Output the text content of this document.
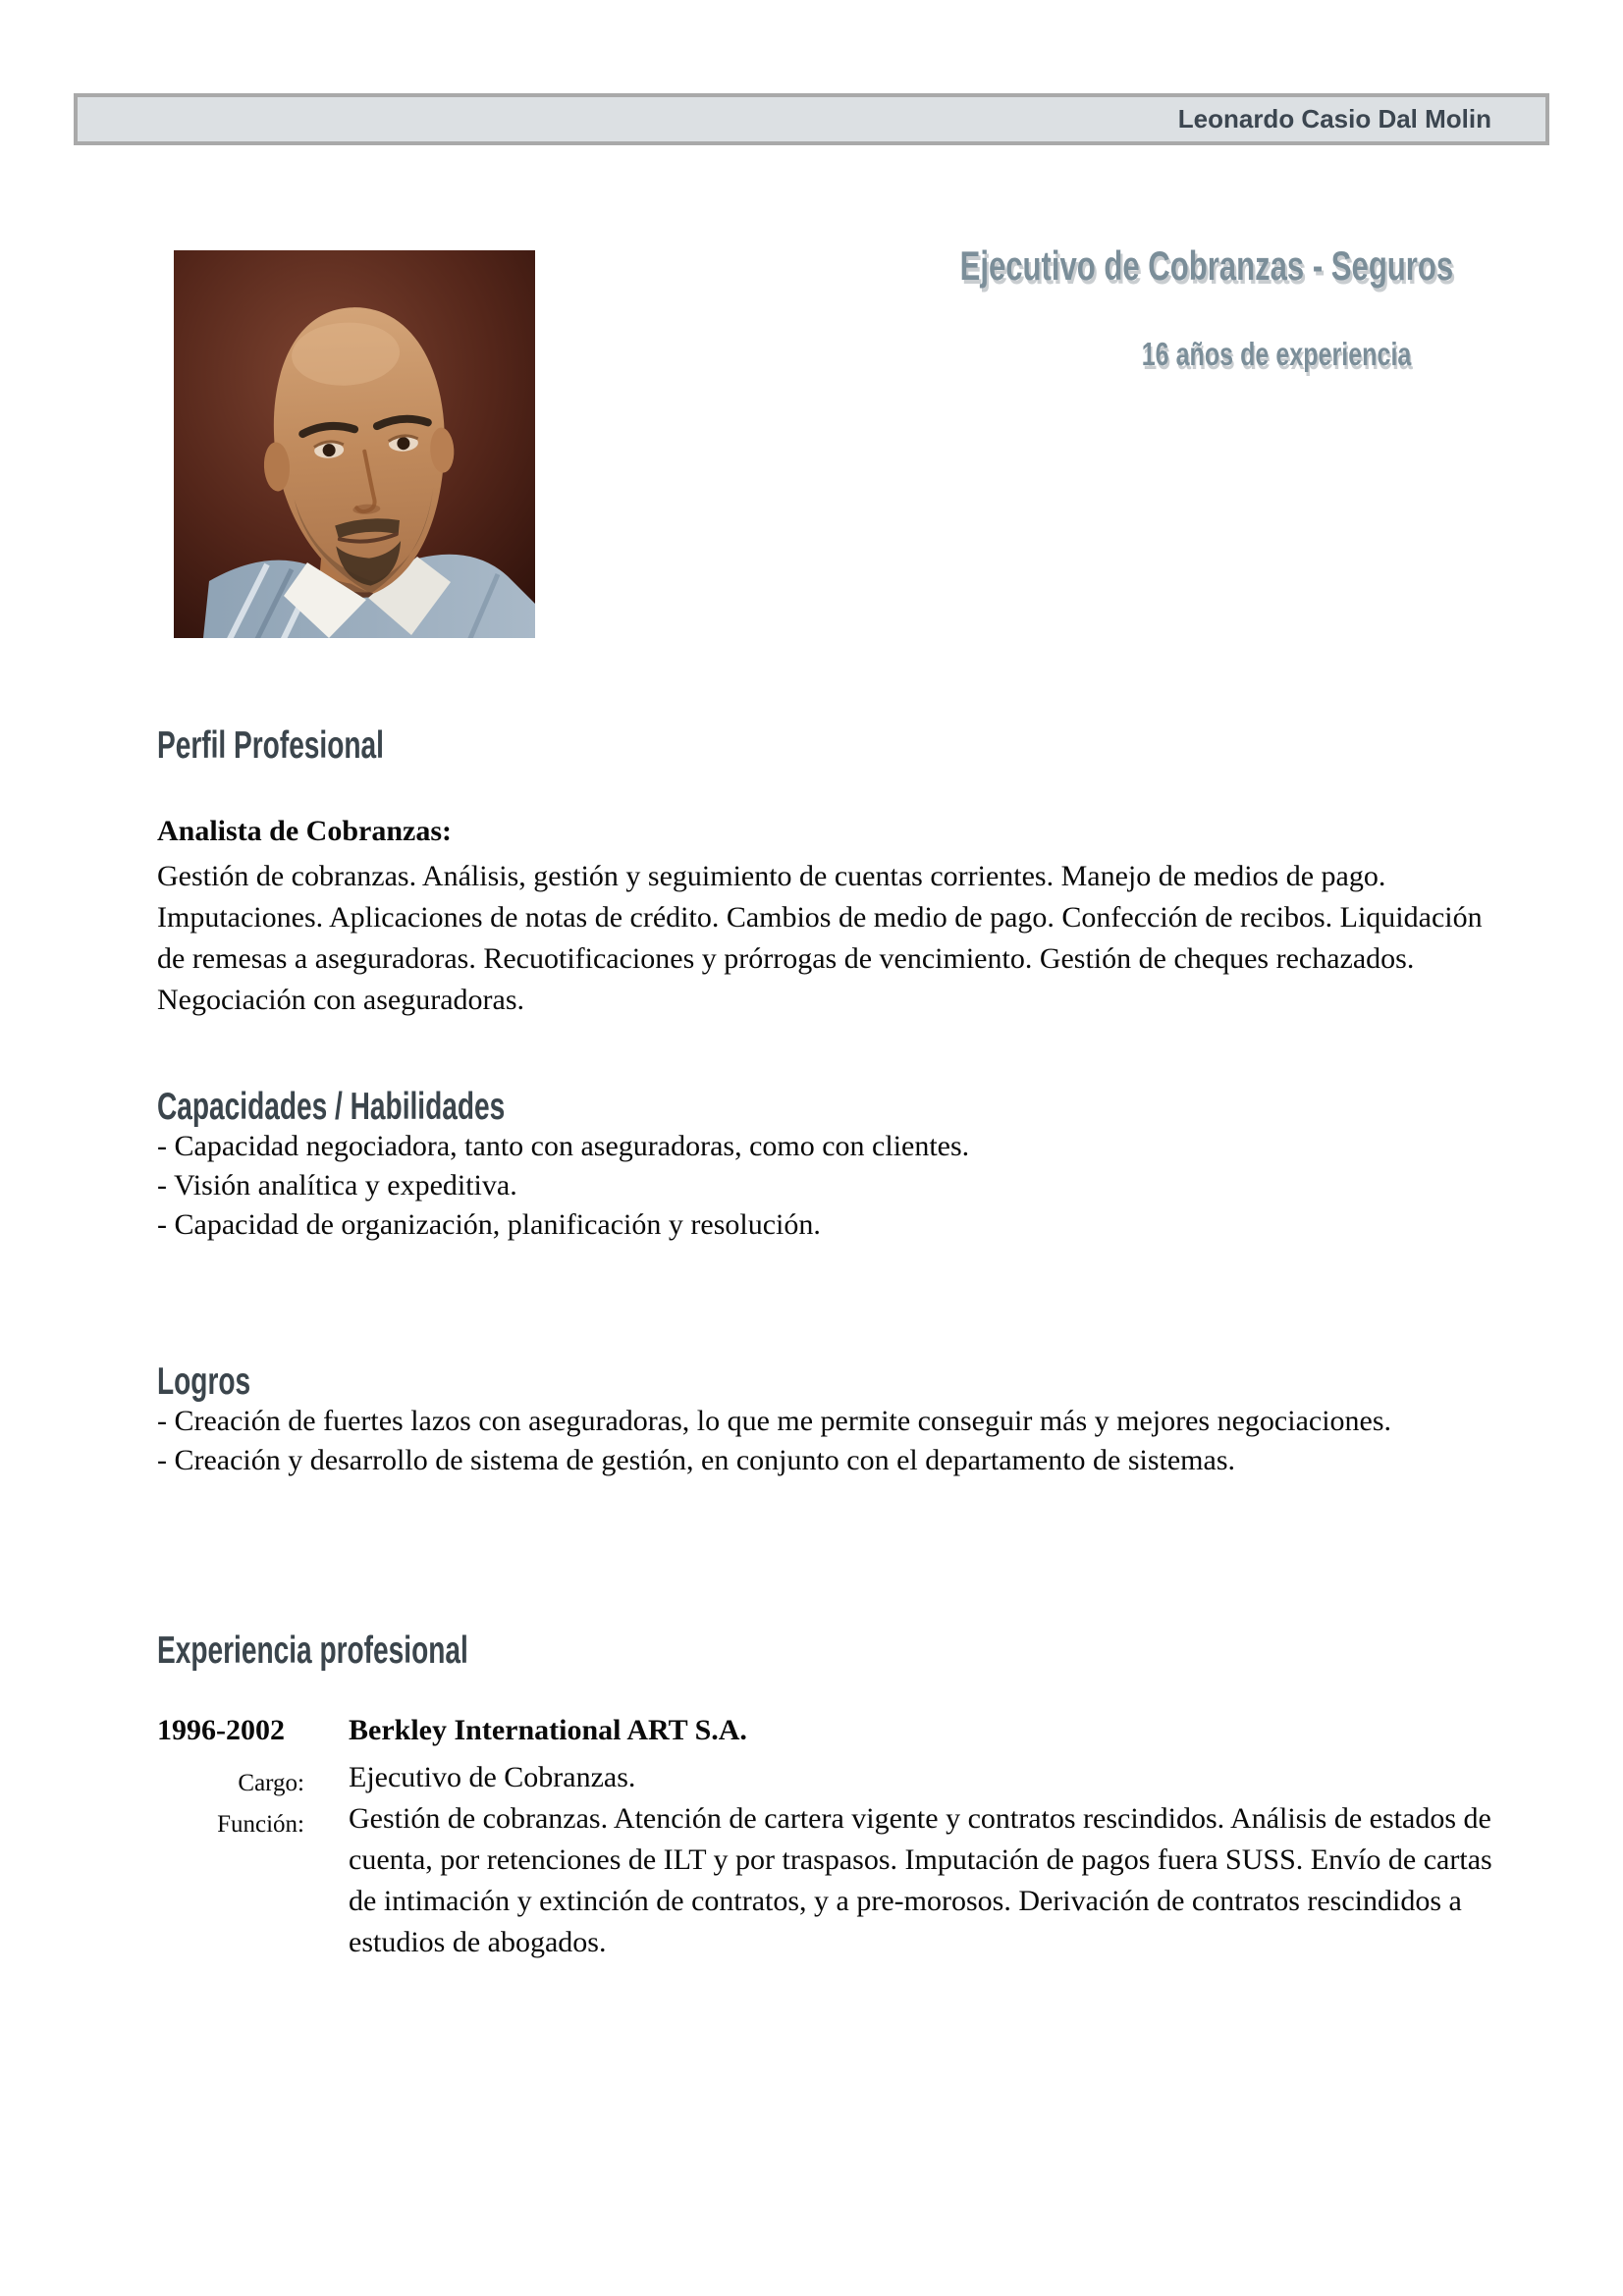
Leonardo Casio Dal Molin
Ejecutivo de Cobranzas - Seguros
16 años de experiencia
Perfil Profesional
Analista de Cobranzas:

Gestión de cobranzas. Análisis, gestión y seguimiento de cuentas corrientes. Manejo de medios de pago. Imputaciones. Aplicaciones de notas de crédito. Cambios de medio de pago. Confección de recibos. Liquidación de remesas a aseguradoras. Recuotificaciones y prórrogas de vencimiento. Gestión de cheques rechazados. Negociación con aseguradoras.

Capacidades / Habilidades
- Capacidad negociadora, tanto con aseguradoras, como con clientes.
- Visión analítica y expeditiva.
- Capacidad de organización, planificación y resolución.
Logros
- Creación de fuertes lazos con aseguradoras, lo que me permite conseguir más y mejores negociaciones.
- Creación y desarrollo de sistema de gestión, en conjunto con el departamento de sistemas.
Experiencia profesional
1996-2002	Berkley International ART S.A.
Cargo: Ejecutivo de Cobranzas.
Función: Gestión de cobranzas. Atención de cartera vigente y contratos rescindidos. Análisis de estados de cuenta, por retenciones de ILT y por traspasos. Imputación de pagos fuera SUSS. Envío de cartas de intimación y extinción de contratos, y a pre-morosos. Derivación de contratos rescindidos a estudios de abogados.
